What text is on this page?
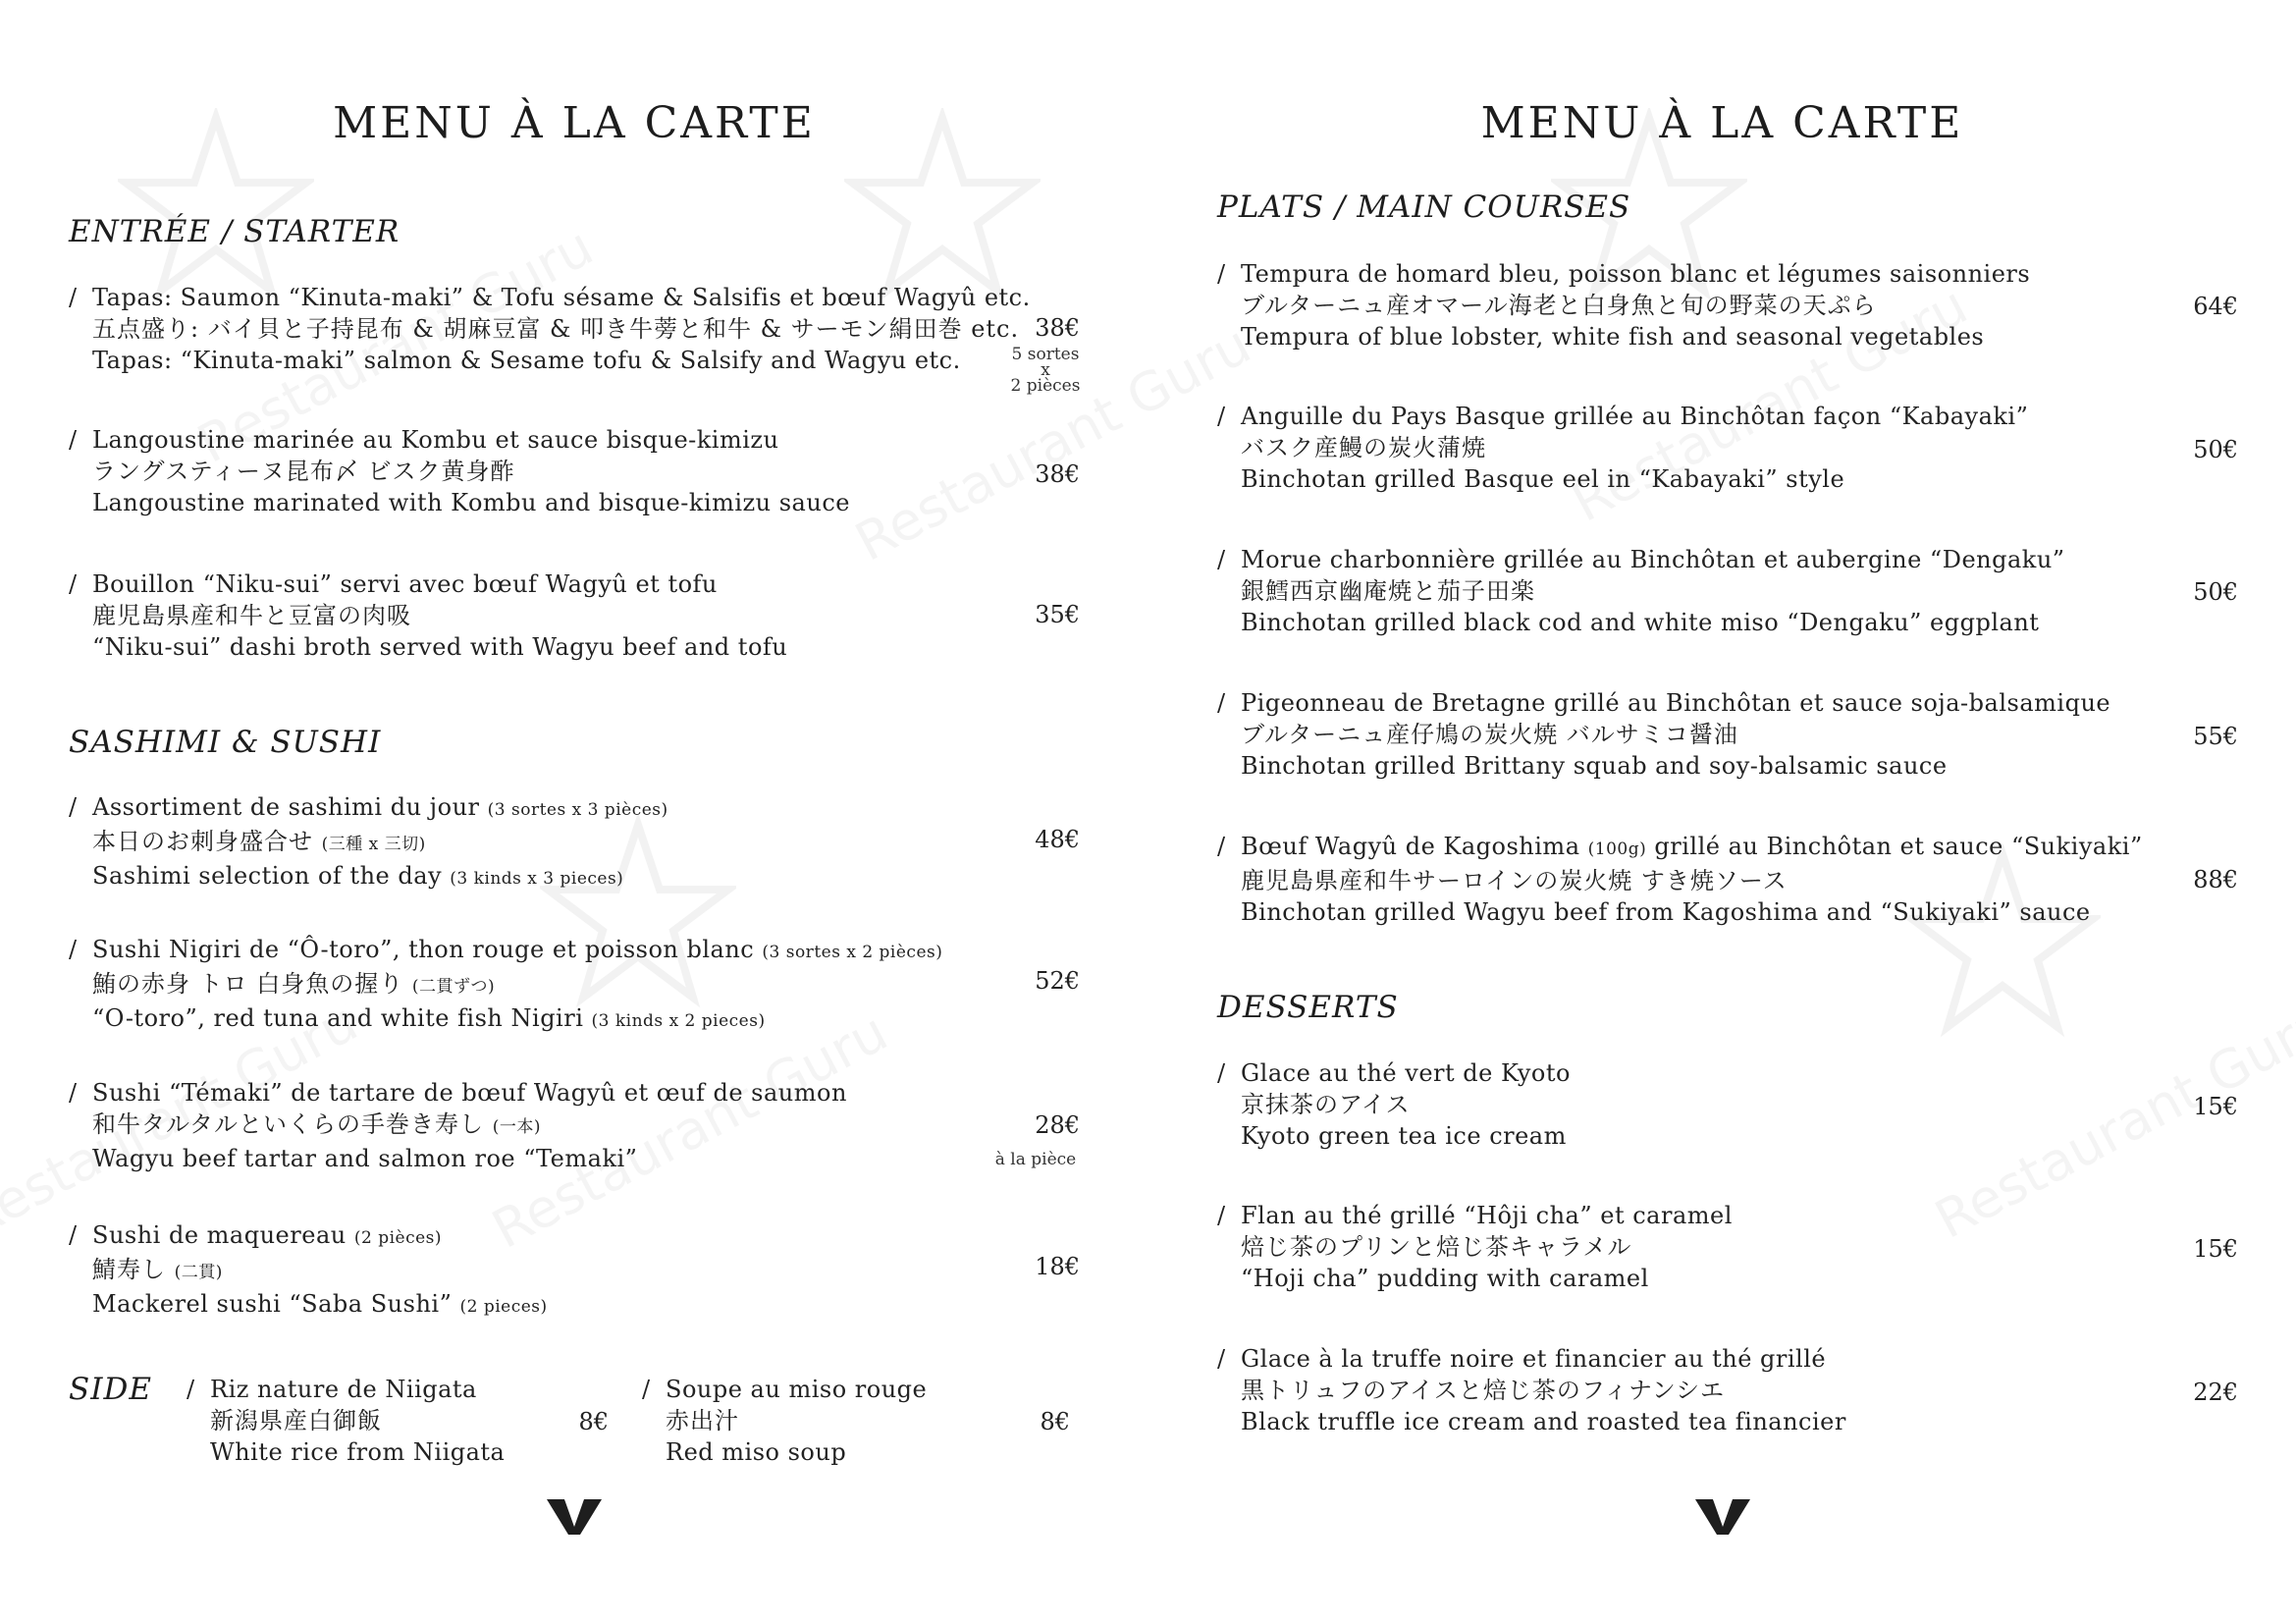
MENU À LA CARTE
ENTRÉE / STARTER
/ Tapas: Saumon “Kinuta-maki” & Tofu sésame & Salsifis et bœuf Wagyû etc.
五点盛り: バイ貝と子持昆布 & 胡麻豆富 & 叩き牛蒡と和牛 & サーモン絹田巻 etc.
Tapas: “Kinuta-maki” salmon & Sesame tofu & Salsify and Wagyu etc.
38€
5 sortes
x
2 pièces
/ Langoustine marinée au Kombu et sauce bisque-kimizu
ラングスティーヌ昆布〆 ビスク黄身酢
Langoustine marinated with Kombu and bisque-kimizu sauce
38€
/ Bouillon “Niku-sui” servi avec bœuf Wagyû et tofu
鹿児島県産和牛と豆富の肉吸
“Niku-sui” dashi broth served with Wagyu beef and tofu
35€
SASHIMI & SUSHI
/ Assortiment de sashimi du jour (3 sortes x 3 pièces)
本日のお刺身盛合せ (三種 x 三切)
Sashimi selection of the day (3 kinds x 3 pieces)
48€
/ Sushi Nigiri de “Ô-toro”, thon rouge et poisson blanc (3 sortes x 2 pièces)
鮪の赤身 トロ 白身魚の握り (二貫ずつ)
“O-toro”, red tuna and white fish Nigiri (3 kinds x 2 pieces)
52€
/ Sushi “Témaki” de tartare de bœuf Wagyû et œuf de saumon
和牛タルタルといくらの手巻き寿し (一本)
Wagyu beef tartar and salmon roe “Temaki”
28€
à la pièce
/ Sushi de maquereau (2 pièces)
鯖寿し (二貫)
Mackerel sushi “Saba Sushi” (2 pieces)
18€
SIDE / Riz nature de Niigata
新潟県産白御飯
White rice from Niigata
8€
/ Soupe au miso rouge
赤出汁
Red miso soup
8€
MENU À LA CARTE
PLATS / MAIN COURSES
/ Tempura de homard bleu, poisson blanc et légumes saisonniers
ブルターニュ産オマール海老と白身魚と旬の野菜の天ぷら
Tempura of blue lobster, white fish and seasonal vegetables
64€
/ Anguille du Pays Basque grillée au Binchôtan façon “Kabayaki”
バスク産鰻の炭火蒲焼
Binchotan grilled Basque eel in “Kabayaki” style
50€
/ Morue charbonnière grillée au Binchôtan et aubergine “Dengaku”
銀鱈西京幽庵焼と茄子田楽
Binchotan grilled black cod and white miso “Dengaku” eggplant
50€
/ Pigeonneau de Bretagne grillé au Binchôtan et sauce soja-balsamique
ブルターニュ産仔鳩の炭火焼 バルサミコ醤油
Binchotan grilled Brittany squab and soy-balsamic sauce
55€
/ Bœuf Wagyû de Kagoshima (100g) grillé au Binchôtan et sauce “Sukiyaki”
鹿児島県産和牛サーロインの炭火焼 すき焼ソース
Binchotan grilled Wagyu beef from Kagoshima and “Sukiyaki” sauce
88€
DESSERTS
/ Glace au thé vert de Kyoto
京抹茶のアイス
Kyoto green tea ice cream
15€
/ Flan au thé grillé “Hôji cha” et caramel
焙じ茶のプリンと焙じ茶キャラメル
“Hoji cha” pudding with caramel
15€
/ Glace à la truffe noire et financier au thé grillé
黒トリュフのアイスと焙じ茶のフィナンシエ
Black truffle ice cream and roasted tea financier
22€
